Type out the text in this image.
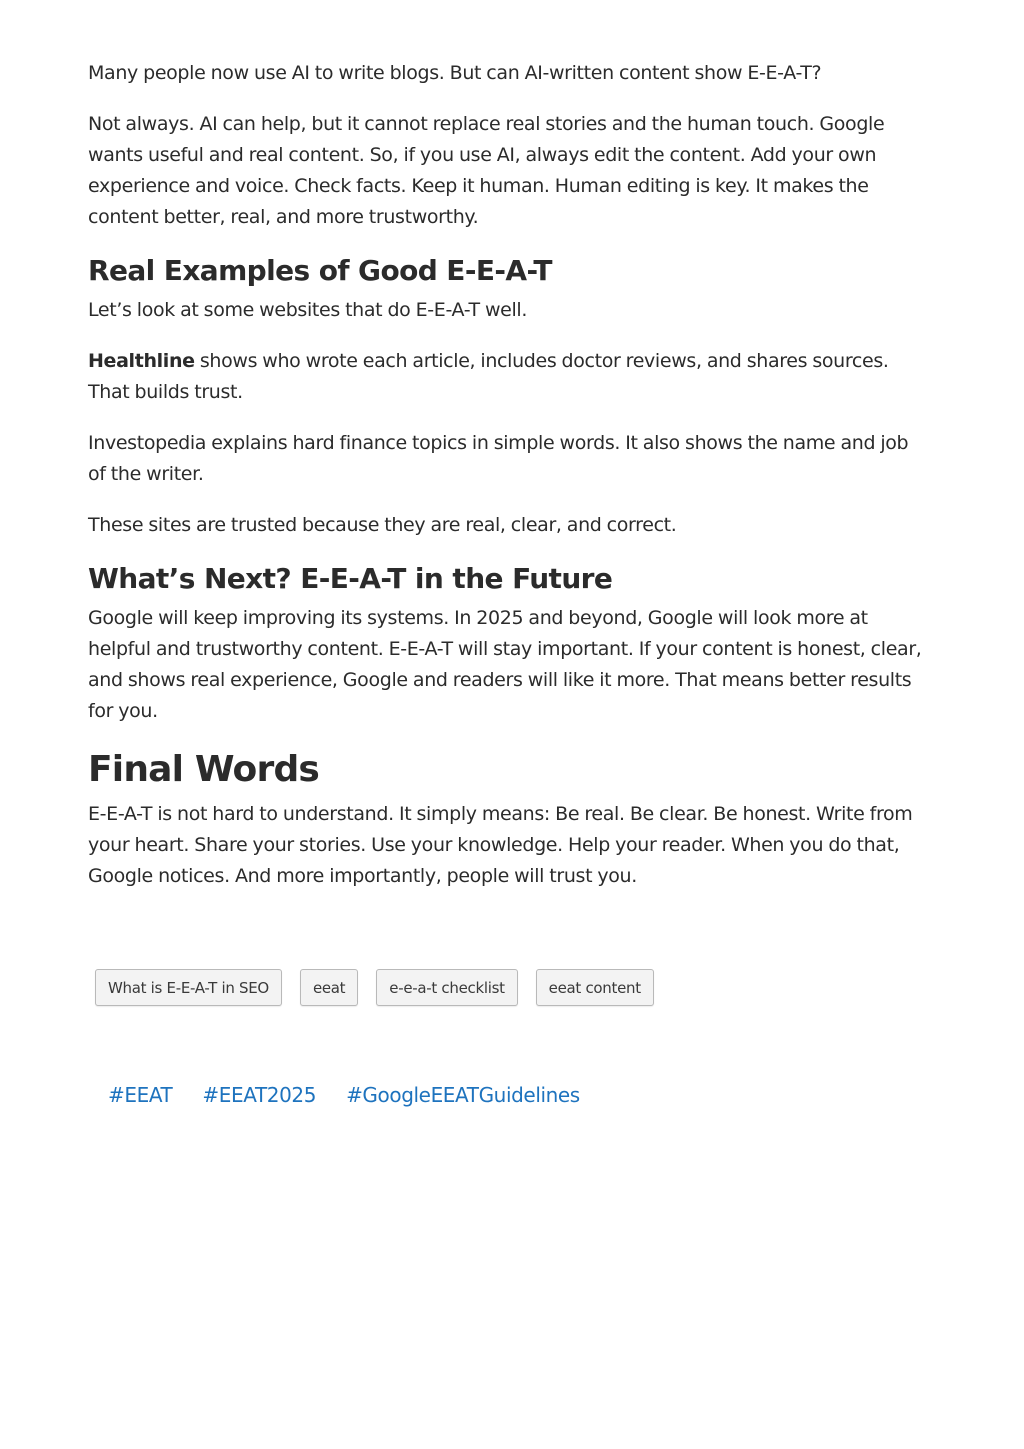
Many people now use AI to write blogs. But can AI-written content show E-E-A-T?

Not always. AI can help, but it cannot replace real stories and the human touch. Google wants useful and real content. So, if you use AI, always edit the content. Add your own experience and voice. Check facts. Keep it human. Human editing is key. It makes the content better, real, and more trustworthy.

Real Examples of Good E-E-A-T

Let’s look at some websites that do E-E-A-T well.

Healthline shows who wrote each article, includes doctor reviews, and shares sources. That builds trust.

Investopedia explains hard finance topics in simple words. It also shows the name and job of the writer.

These sites are trusted because they are real, clear, and correct.

What’s Next? E-E-A-T in the Future

Google will keep improving its systems. In 2025 and beyond, Google will look more at helpful and trustworthy content. E-E-A-T will stay important. If your content is honest, clear, and shows real experience, Google and readers will like it more. That means better results for you.

Final Words

E-E-A-T is not hard to understand. It simply means: Be real. Be clear. Be honest. Write from your heart. Share your stories. Use your knowledge. Help your reader. When you do that, Google notices. And more importantly, people will trust you.

What is E-E-A-T in SEO	eeat	e-e-a-t checklist	eeat content
#EEAT #EEAT2025 #GoogleEEATGuidelines
